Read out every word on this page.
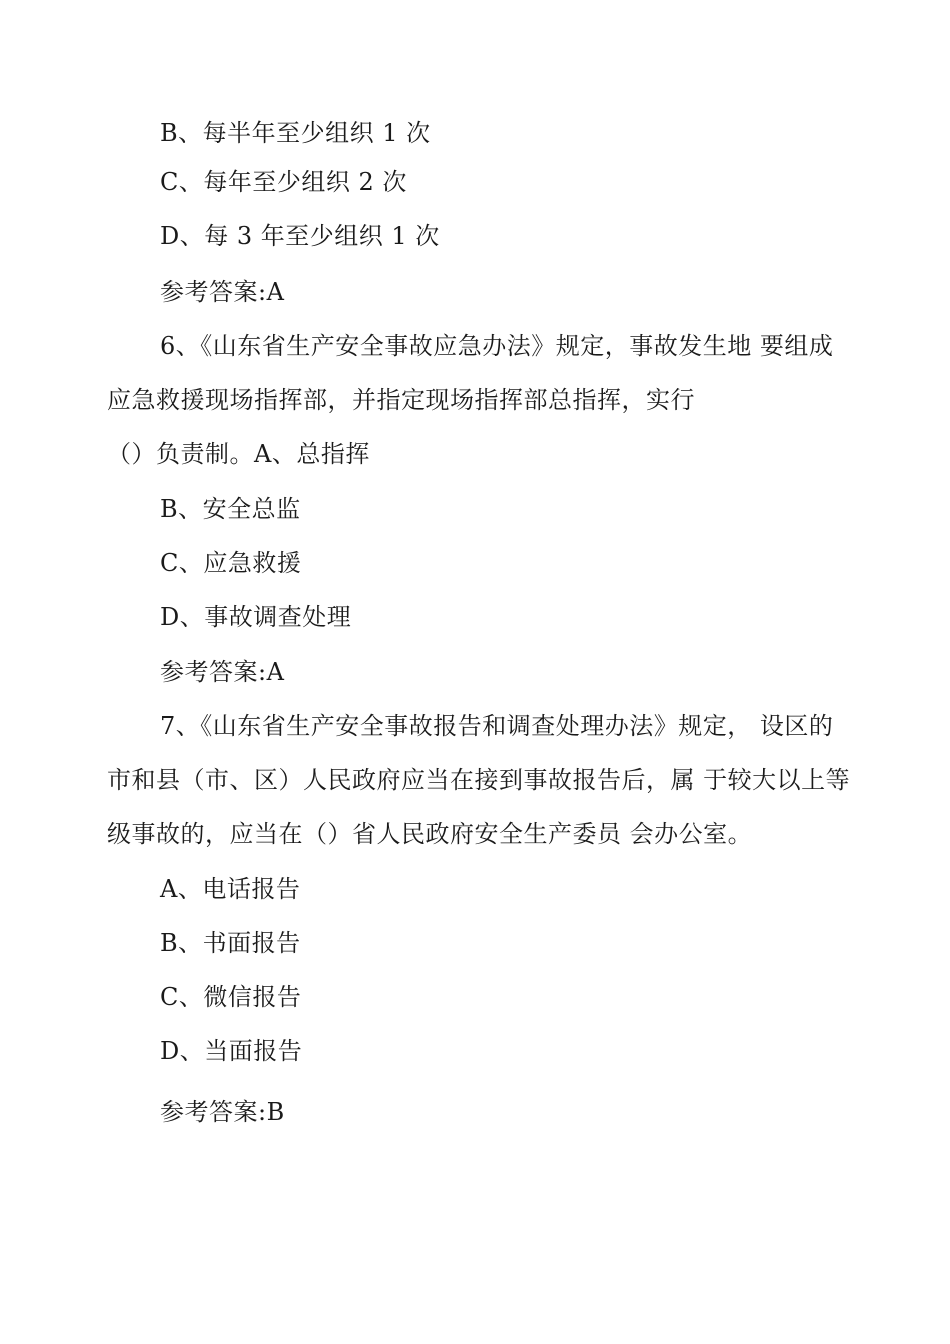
B、每半年至少组织 1 次
C、每年至少组织 2 次
D、每 3 年至少组织 1 次
参考答案:A
6、《山东省生产安全事故应急办法》规定，事故发生地 要组成
应急救援现场指挥部，并指定现场指挥部总指挥，实行
（）负责制。A、总指挥
B、安全总监
C、应急救援
D、事故调查处理
参考答案:A
7、《山东省生产安全事故报告和调查处理办法》规定， 设区的
市和县（市、区）人民政府应当在接到事故报告后，属 于较大以上等
级事故的，应当在（）省人民政府安全生产委员 会办公室。
A、电话报告
B、书面报告
C、微信报告
D、当面报告
参考答案:B
